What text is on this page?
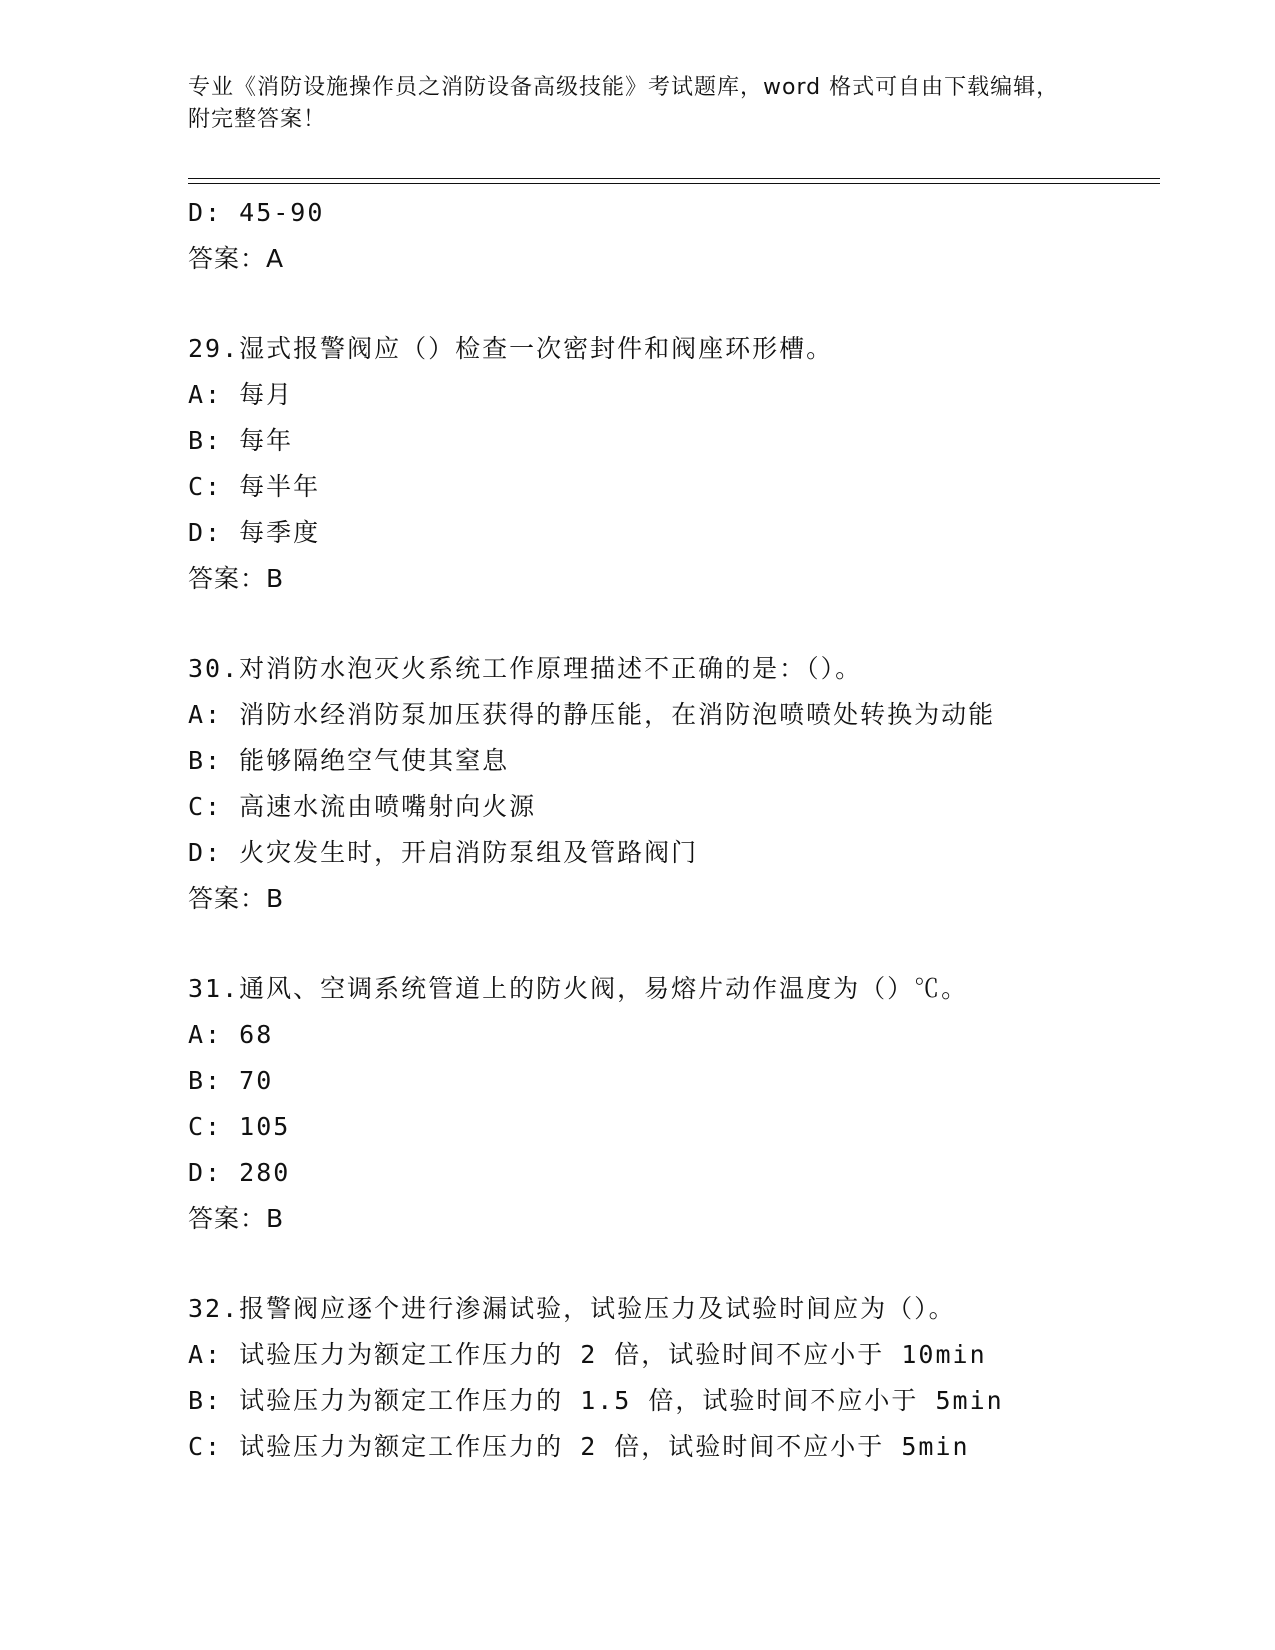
专业《消防设施操作员之消防设备高级技能》考试题库，word 格式可自由下载编辑，附完整答案！
D: 45-90
答案：A
29.湿式报警阀应（）检查一次密封件和阀座环形槽。
A: 每月
B: 每年
C: 每半年
D: 每季度
答案：B
30.对消防水泡灭火系统工作原理描述不正确的是：（）。
A: 消防水经消防泵加压获得的静压能，在消防泡喷喷处转换为动能
B: 能够隔绝空气使其窒息
C: 高速水流由喷嘴射向火源
D: 火灾发生时，开启消防泵组及管路阀门
答案：B
31.通风、空调系统管道上的防火阀，易熔片动作温度为（）℃。
A: 68
B: 70
C: 105
D: 280
答案：B
32.报警阀应逐个进行渗漏试验，试验压力及试验时间应为（）。
A: 试验压力为额定工作压力的 2 倍，试验时间不应小于 10min
B: 试验压力为额定工作压力的 1.5 倍，试验时间不应小于 5min
C: 试验压力为额定工作压力的 2 倍，试验时间不应小于 5min
